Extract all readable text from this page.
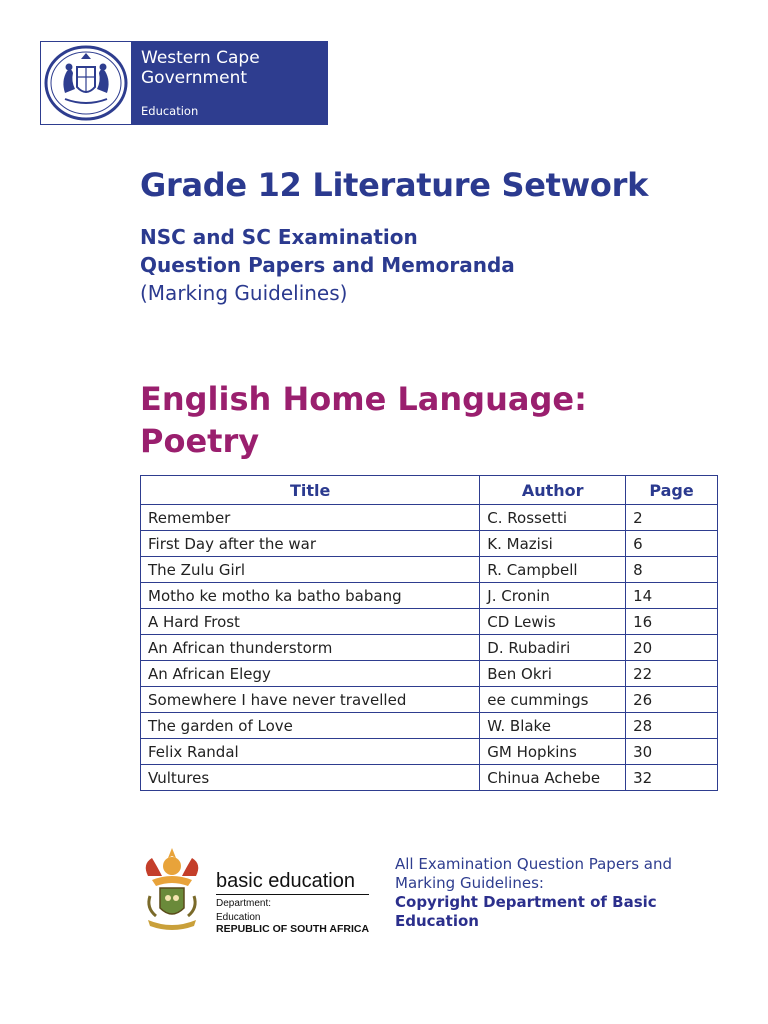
Western Cape
Government
Education
Grade 12 Literature Setwork
NSC and SC Examination
Question Papers and Memoranda
(Marking Guidelines)
English Home Language:
Poetry
Title	Author	Page
Remember	C. Rossetti	2
First Day after the war	K. Mazisi	6
The Zulu Girl	R. Campbell	8
Motho ke motho ka batho babang	J. Cronin	14
A Hard Frost	CD Lewis	16
An African thunderstorm	D. Rubadiri	20
An African Elegy	Ben Okri	22
Somewhere I have never travelled	ee cummings	26
The garden of Love	W. Blake	28
Felix Randal	GM Hopkins	30
Vultures	Chinua Achebe	32
basic education
Department:
Education
REPUBLIC OF SOUTH AFRICA
All Examination Question Papers and
Marking Guidelines:
Copyright Department of Basic
Education
